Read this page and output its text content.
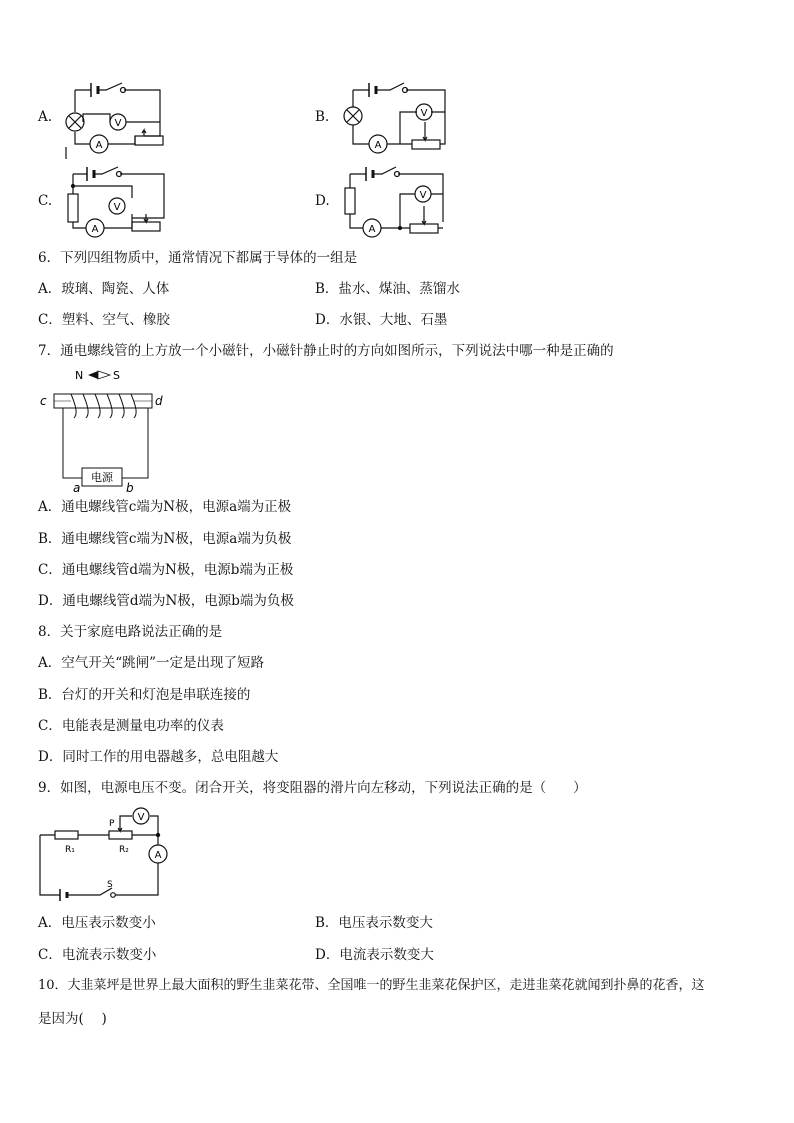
A.	V
A
B.	V
A
C.	V
A
D.	V
A
6．下列四组物质中，通常情况下都属于导体的一组是
A．玻璃、陶瓷、人体	B．盐水、煤油、蒸馏水
C．塑料、空气、橡胶	D．水银、大地、石墨
7．通电螺线管的上方放一个小磁针，小磁针静止时的方向如图所示，下列说法中哪一种是正确的
N	S
c	d
电源
a	b
A．通电螺线管c端为N极，电源a端为正极
B．通电螺线管c端为N极，电源a端为负极
C．通电螺线管d端为N极，电源b端为正极
D．通电螺线管d端为N极，电源b端为负极
8．关于家庭电路说法正确的是
A．空气开关“跳闸”一定是出现了短路
B．台灯的开关和灯泡是串联连接的
C．电能表是测量电功率的仪表
D．同时工作的用电器越多，总电阻越大
9．如图，电源电压不变。闭合开关，将变阻器的滑片向左移动，下列说法正确的是（　　）
P
R₁	R₂
S
V
A
A．电压表示数变小	B．电压表示数变大
C．电流表示数变小	D．电流表示数变大
10．大韭菜坪是世界上最大面积的野生韭菜花带、全国唯一的野生韭菜花保护区，走进韭菜花就闻到扑鼻的花香，这
是因为(　 )
